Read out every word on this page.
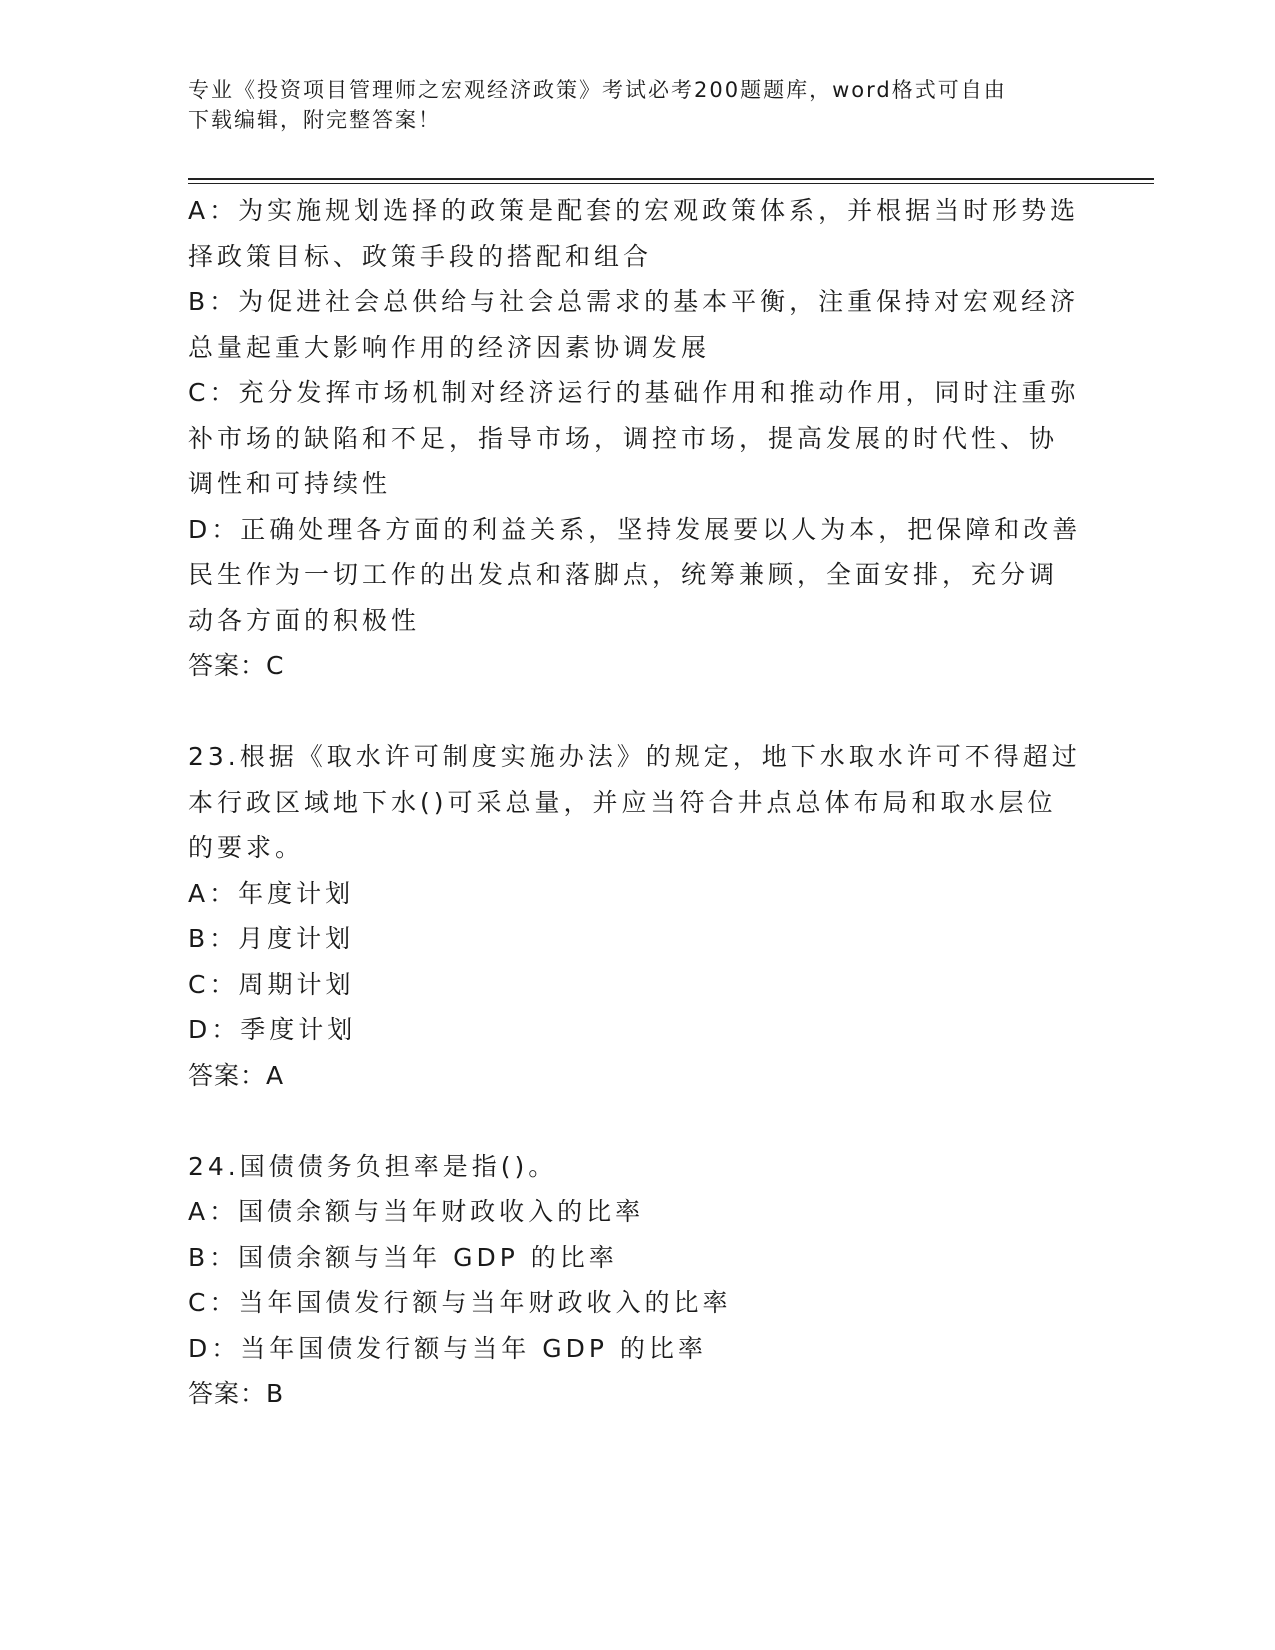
专业《投资项目管理师之宏观经济政策》考试必考200题题库，word格式可自由
下载编辑，附完整答案！
A：为实施规划选择的政策是配套的宏观政策体系，并根据当时形势选
择政策目标、政策手段的搭配和组合
B：为促进社会总供给与社会总需求的基本平衡，注重保持对宏观经济
总量起重大影响作用的经济因素协调发展
C：充分发挥市场机制对经济运行的基础作用和推动作用，同时注重弥
补市场的缺陷和不足，指导市场，调控市场，提高发展的时代性、协
调性和可持续性
D：正确处理各方面的利益关系，坚持发展要以人为本，把保障和改善
民生作为一切工作的出发点和落脚点，统筹兼顾，全面安排，充分调
动各方面的积极性
答案：C
23.根据《取水许可制度实施办法》的规定，地下水取水许可不得超过
本行政区域地下水()可采总量，并应当符合井点总体布局和取水层位
的要求。
A：年度计划
B：月度计划
C：周期计划
D：季度计划
答案：A
24.国债债务负担率是指()。
A：国债余额与当年财政收入的比率
B：国债余额与当年 GDP 的比率
C：当年国债发行额与当年财政收入的比率
D：当年国债发行额与当年 GDP 的比率
答案：B
